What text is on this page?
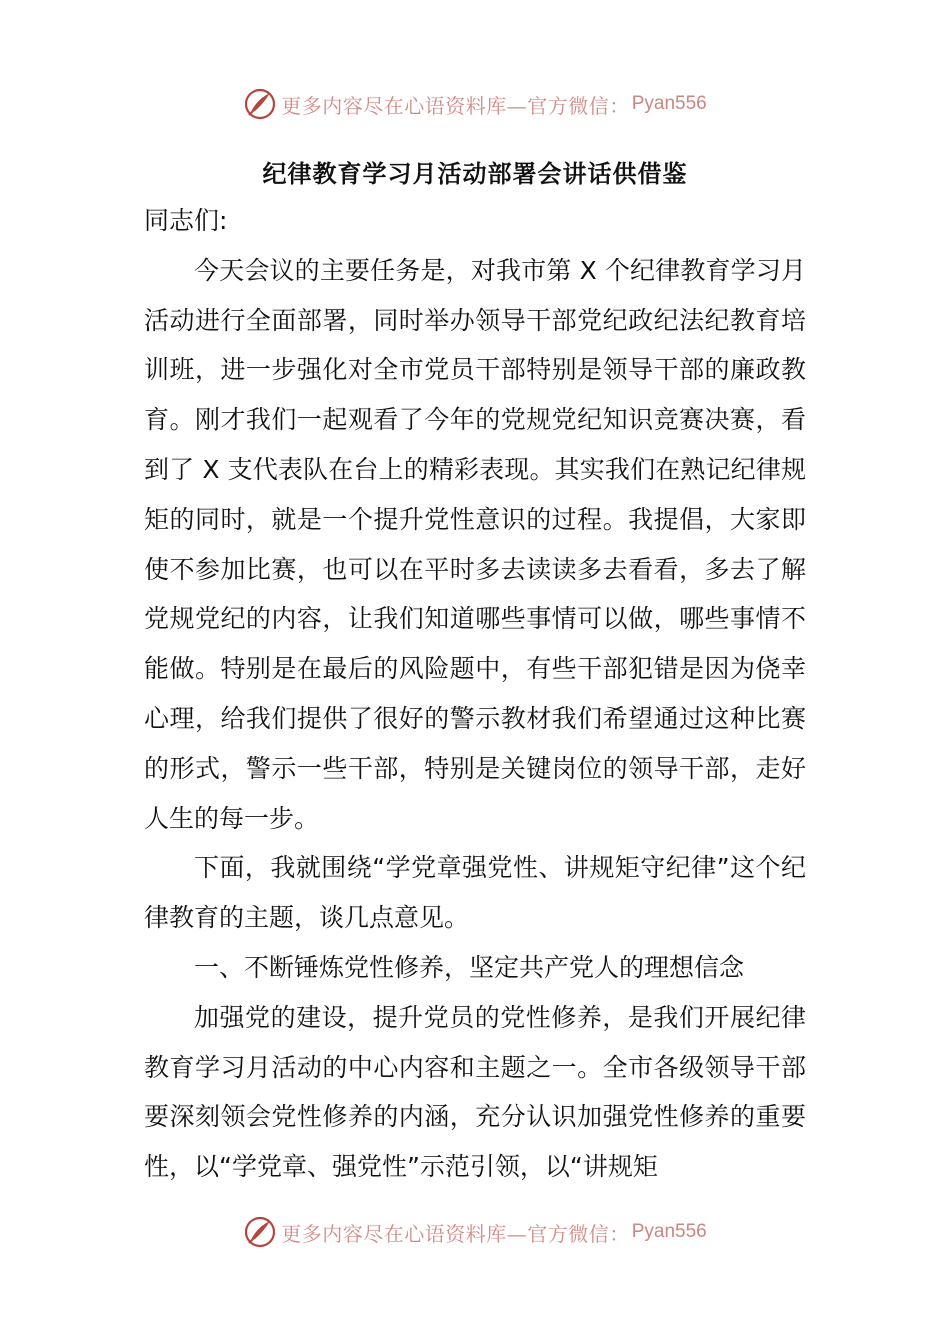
更多内容尽在心语资料库—官方微信： Pyan556
纪律教育学习月活动部署会讲话供借鉴

同志们:

今天会议的主要任务是，对我市第 X 个纪律教育学习月活动进行全面部署，同时举办领导干部党纪政纪法纪教育培训班，进一步强化对全市党员干部特别是领导干部的廉政教育。刚才我们一起观看了今年的党规党纪知识竞赛决赛，看到了 X 支代表队在台上的精彩表现。其实我们在熟记纪律规矩的同时，就是一个提升党性意识的过程。我提倡，大家即使不参加比赛，也可以在平时多去读读多去看看，多去了解党规党纪的内容，让我们知道哪些事情可以做，哪些事情不能做。特别是在最后的风险题中，有些干部犯错是因为侥幸心理，给我们提供了很好的警示教材我们希望通过这种比赛的形式，警示一些干部，特别是关键岗位的领导干部，走好人生的每一步。

下面，我就围绕“学党章强党性、讲规矩守纪律”这个纪律教育的主题，谈几点意见。

一、不断锤炼党性修养，坚定共产党人的理想信念

加强党的建设，提升党员的党性修养，是我们开展纪律教育学习月活动的中心内容和主题之一。全市各级领导干部要深刻领会党性修养的内涵，充分认识加强党性修养的重要性，以“学党章、强党性”示范引领，以“讲规矩

更多内容尽在心语资料库—官方微信： Pyan556
